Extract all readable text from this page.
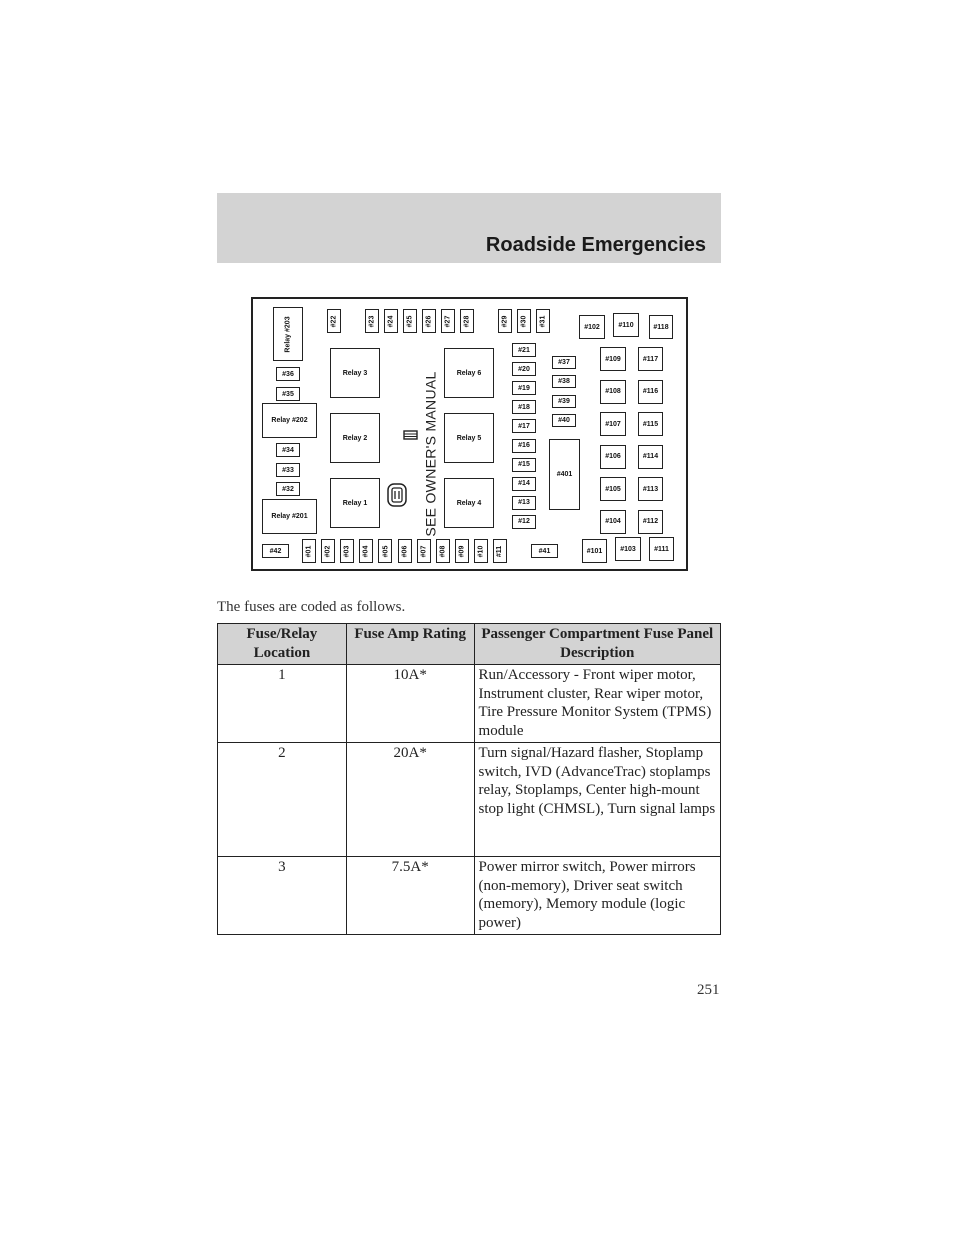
Roadside Emergencies
SEE OWNER'S MANUAL
Relay #203
Relay #202
Relay #201
Relay 3
Relay 2
Relay 1
Relay 6
Relay 5
Relay 4
#22	#23 #24 #25 #26 #27 #28	#29 #30 #31
#36
#35
#34
#33
#32
#42	#01 #02 #03 #04 #05 #06 #07 #08 #09 #10 #11
#21
#20
#19
#18
#17
#16
#15
#14
#13
#12
#37
#38
#39
#40
#401
#41
#102	#110	#118
#109	#117
#108	#116
#107	#115
#106	#114
#105	#113
#104	#112
#101	#103	#111
The fuses are coded as follows.
Fuse/Relay Location	Fuse Amp Rating	Passenger Compartment Fuse Panel Description
1	10A*	Run/Accessory - Front wiper motor, Instrument cluster, Rear wiper motor, Tire Pressure Monitor System (TPMS) module
2	20A*	Turn signal/Hazard flasher, Stoplamp switch, IVD (AdvanceTrac) stoplamps relay, Stoplamps, Center high-mount stop light (CHMSL), Turn signal lamps
3	7.5A*	Power mirror switch, Power mirrors (non-memory), Driver seat switch (memory), Memory module (logic power)
251
